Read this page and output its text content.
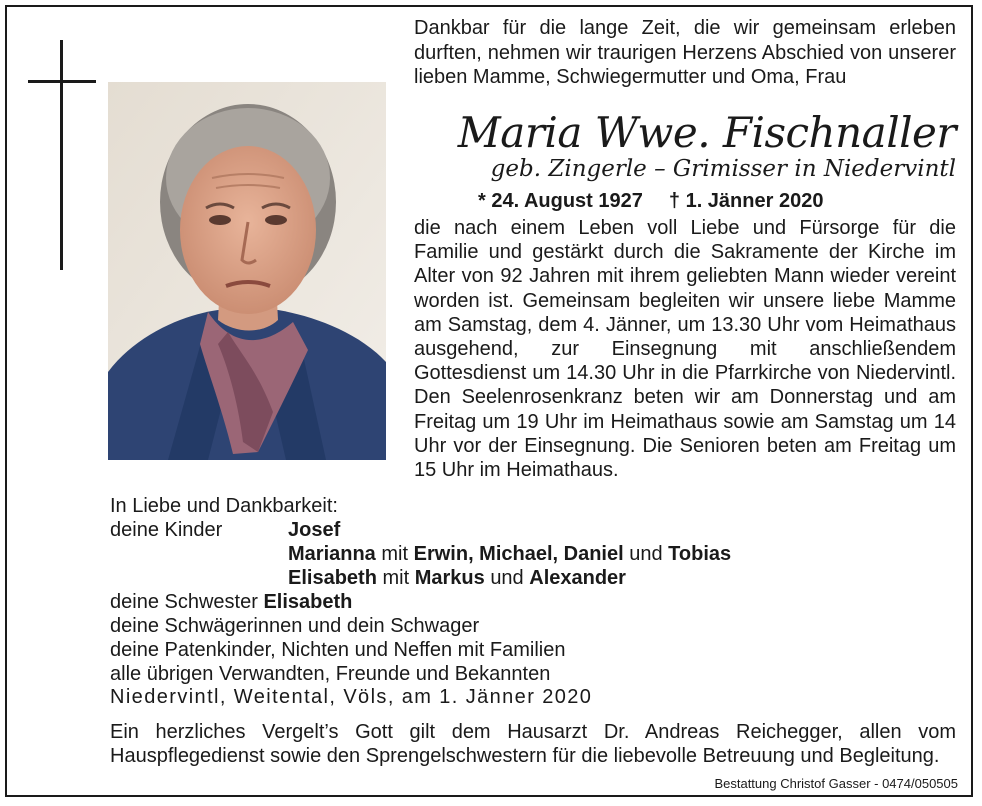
Dankbar für die lange Zeit, die wir gemeinsam erleben durften, nehmen wir traurigen Herzens Abschied von unserer lieben Mamme, Schwiegermutter und Oma, Frau
Maria Wwe. Fischnaller
geb. Zingerle – Grimisser in Niedervintl
* 24. August 1927 † 1. Jänner 2020
die nach einem Leben voll Liebe und Fürsorge für die Familie und gestärkt durch die Sakramente der Kirche im Alter von 92 Jahren mit ihrem geliebten Mann wieder vereint worden ist. Gemeinsam begleiten wir unsere liebe Mamme am Samstag, dem 4. Jänner, um 13.30 Uhr vom Heimathaus ausgehend, zur Einsegnung mit anschließendem Gottesdienst um 14.30 Uhr in die Pfarrkirche von Niedervintl. Den Seelenrosenkranz beten wir am Donnerstag und am Freitag um 19 Uhr im Heimathaus sowie am Samstag um 14 Uhr vor der Einsegnung. Die Senioren beten am Freitag um 15 Uhr im Heimathaus.
In Liebe und Dankbarkeit:
deine Kinder	Josef
Marianna mit Erwin, Michael, Daniel und Tobias
Elisabeth mit Markus und Alexander
deine Schwester Elisabeth
deine Schwägerinnen und dein Schwager
deine Patenkinder, Nichten und Neffen mit Familien
alle übrigen Verwandten, Freunde und Bekannten
Niedervintl, Weitental, Völs, am 1. Jänner 2020
Ein herzliches Vergelt’s Gott gilt dem Hausarzt Dr. Andreas Reichegger, allen vom Hauspflegedienst sowie den Sprengelschwestern für die liebevolle Betreuung und Begleitung.
Bestattung Christof Gasser - 0474/050505
